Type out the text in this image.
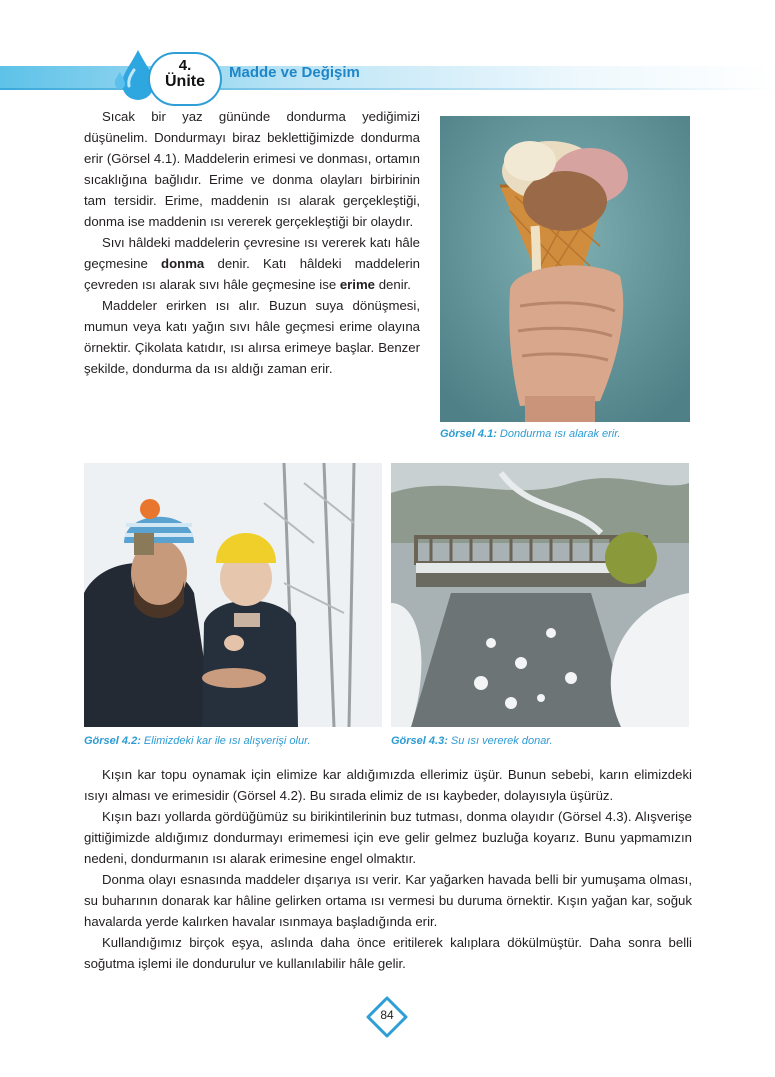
4.
Ünite
Madde ve Değişim

Sıcak bir yaz gününde dondurma yediğimizi düşünelim. Dondurmayı biraz beklettiğimizde dondurma erir (Görsel 4.1). Maddelerin erimesi ve donması, ortamın sıcaklığına bağlıdır. Erime ve donma olayları birbirinin tam tersidir. Erime, maddenin ısı alarak gerçekleştiği, donma ise maddenin ısı vererek gerçekleştiği bir olaydır.

Sıvı hâldeki maddelerin çevresine ısı vererek katı hâle geçmesine donma denir. Katı hâldeki maddelerin çevreden ısı alarak sıvı hâle geçmesine ise erime denir.

Maddeler erirken ısı alır. Buzun suya dönüşmesi, mumun veya katı yağın sıvı hâle geçmesi erime olayına örnektir. Çikolata katıdır, ısı alırsa erimeye başlar. Benzer şekilde, dondurma da ısı aldığı zaman erir.

Görsel 4.1: Dondurma ısı alarak erir.
Görsel 4.2: Elimizdeki kar ile ısı alışverişi olur.	Görsel 4.3: Su ısı vererek donar.

Kışın kar topu oynamak için elimize kar aldığımızda ellerimiz üşür. Bunun sebebi, karın elimizdeki ısıyı alması ve erimesidir (Görsel 4.2). Bu sırada elimiz de ısı kaybeder, dolayısıyla üşürüz.

Kışın bazı yollarda gördüğümüz su birikintilerinin buz tutması, donma olayıdır (Görsel 4.3). Alışverişe gittiğimizde aldığımız dondurmayı erimemesi için eve gelir gelmez buzluğa koyarız. Bunu yapmamızın nedeni, dondurmanın ısı alarak erimesine engel olmaktır.

Donma olayı esnasında maddeler dışarıya ısı verir. Kar yağarken havada belli bir yumuşama olması, su buharının donarak kar hâline gelirken ortama ısı vermesi bu duruma örnektir. Kışın yağan kar, soğuk havalarda yerde kalırken havalar ısınmaya başladığında erir.

Kullandığımız birçok eşya, aslında daha önce eritilerek kalıplara dökülmüştür. Daha sonra belli soğutma işlemi ile dondurulur ve kullanılabilir hâle gelir.

84
